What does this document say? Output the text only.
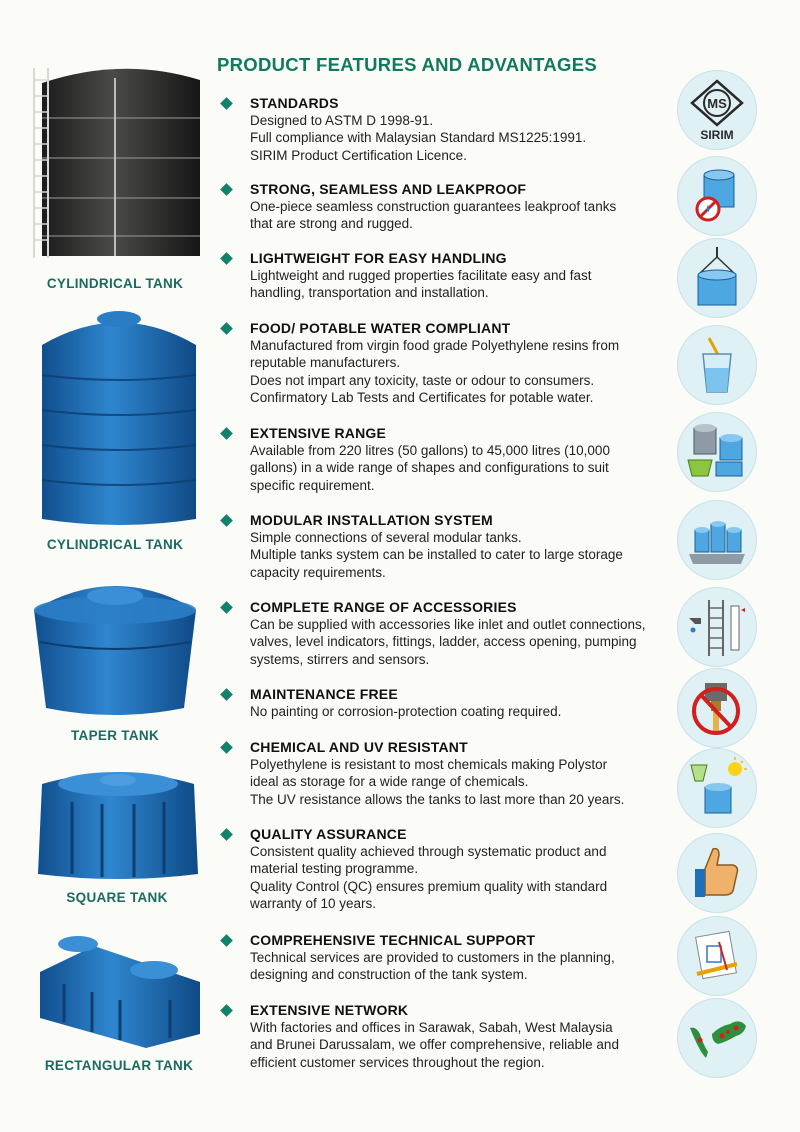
PRODUCT FEATURES AND ADVANTAGES
CYLINDRICAL TANK
CYLINDRICAL TANK
TAPER TANK
SQUARE TANK
RECTANGULAR TANK
STANDARDS
Designed to ASTM D 1998-91.
Full compliance with Malaysian Standard MS1225:1991.
SIRIM Product Certification Licence.
STRONG, SEAMLESS AND LEAKPROOF
One-piece seamless construction guarantees leakproof tanks
that are strong and rugged.
LIGHTWEIGHT FOR EASY HANDLING
Lightweight and rugged properties facilitate easy and fast
handling, transportation and installation.
FOOD/ POTABLE WATER COMPLIANT
Manufactured from virgin food grade Polyethylene resins from
reputable manufacturers.
Does not impart any toxicity, taste or odour to consumers.
Confirmatory Lab Tests and Certificates for potable water.
EXTENSIVE RANGE
Available from 220 litres (50 gallons) to 45,000 litres (10,000
gallons) in a wide range of shapes and configurations to suit
specific requirement.
MODULAR INSTALLATION SYSTEM
Simple connections of several modular tanks.
Multiple tanks system can be installed to cater to large storage
capacity requirements.
COMPLETE RANGE OF ACCESSORIES
Can be supplied with accessories like inlet and outlet connections,
valves, level indicators, fittings, ladder, access opening, pumping
systems, stirrers and sensors.
MAINTENANCE FREE
No painting or corrosion-protection coating required.
CHEMICAL AND UV RESISTANT
Polyethylene is resistant to most chemicals making Polystor
ideal as storage for a wide range of chemicals.
The UV resistance allows the tanks to last more than 20 years.
QUALITY ASSURANCE
Consistent quality achieved through systematic product and
material testing programme.
Quality Control (QC) ensures premium quality with standard
warranty of 10 years.
COMPREHENSIVE TECHNICAL SUPPORT
Technical services are provided to customers in the planning,
designing and construction of the tank system.
EXTENSIVE NETWORK
With factories and offices in Sarawak, Sabah, West Malaysia
and Brunei Darussalam, we offer comprehensive, reliable and
efficient customer services throughout the region.
MS
SIRIM
